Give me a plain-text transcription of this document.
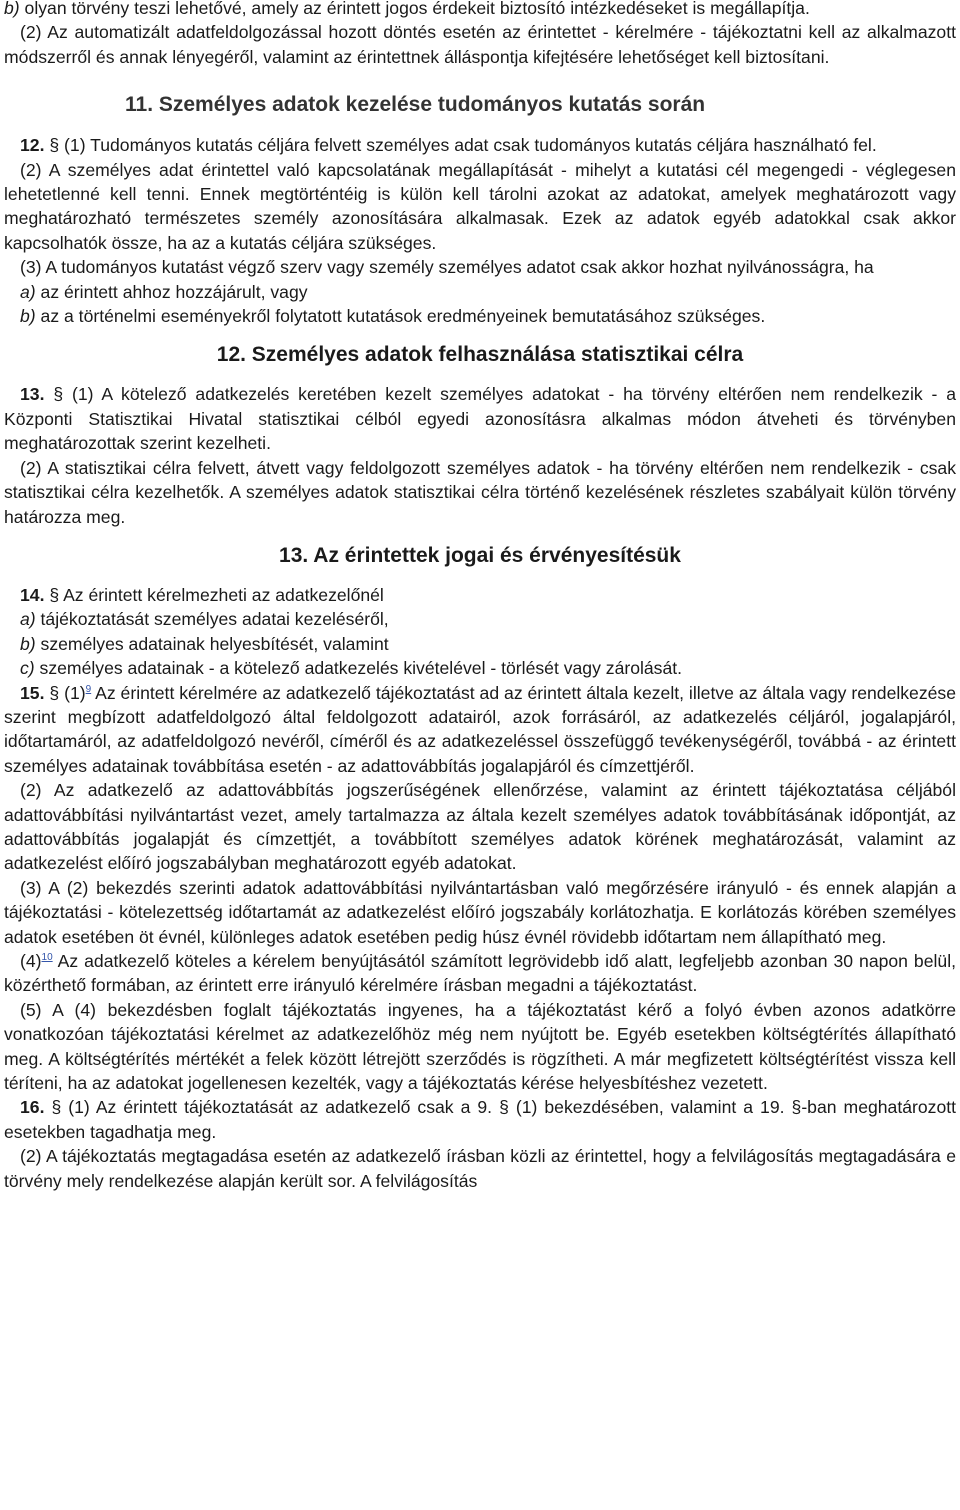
b) olyan törvény teszi lehetővé, amely az érintett jogos érdekeit biztosító intézkedéseket is megállapítja.

(2) Az automatizált adatfeldolgozással hozott döntés esetén az érintettet - kérelmére - tájékoztatni kell az alkalmazott módszerről és annak lényegéről, valamint az érintettnek álláspontja kifejtésére lehetőséget kell biztosítani.

11. Személyes adatok kezelése tudományos kutatás során

12. § (1) Tudományos kutatás céljára felvett személyes adat csak tudományos kutatás céljára használható fel.

(2) A személyes adat érintettel való kapcsolatának megállapítását - mihelyt a kutatási cél megengedi - véglegesen lehetetlenné kell tenni. Ennek megtörténtéig is külön kell tárolni azokat az adatokat, amelyek meghatározott vagy meghatározható természetes személy azonosítására alkalmasak. Ezek az adatok egyéb adatokkal csak akkor kapcsolhatók össze, ha az a kutatás céljára szükséges.

(3) A tudományos kutatást végző szerv vagy személy személyes adatot csak akkor hozhat nyilvánosságra, ha

a) az érintett ahhoz hozzájárult, vagy

b) az a történelmi eseményekről folytatott kutatások eredményeinek bemutatásához szükséges.

12. Személyes adatok felhasználása statisztikai célra

13. § (1) A kötelező adatkezelés keretében kezelt személyes adatokat - ha törvény eltérően nem rendelkezik - a Központi Statisztikai Hivatal statisztikai célból egyedi azonosításra alkalmas módon átveheti és törvényben meghatározottak szerint kezelheti.

(2) A statisztikai célra felvett, átvett vagy feldolgozott személyes adatok - ha törvény eltérően nem rendelkezik - csak statisztikai célra kezelhetők. A személyes adatok statisztikai célra történő kezelésének részletes szabályait külön törvény határozza meg.

13. Az érintettek jogai és érvényesítésük

14. § Az érintett kérelmezheti az adatkezelőnél

a) tájékoztatását személyes adatai kezeléséről,

b) személyes adatainak helyesbítését, valamint

c) személyes adatainak - a kötelező adatkezelés kivételével - törlését vagy zárolását.

15. § $(1)^9$ Az érintett kérelmére az adatkezelő tájékoztatást ad az érintett általa kezelt, illetve az általa vagy rendelkezése szerint megbízott adatfeldolgozó által feldolgozott adatairól, azok forrásáról, az adatkezelés céljáról, jogalapjáról, időtartamáról, az adatfeldolgozó nevéről, címéről és az adatkezeléssel összefüggő tevékenységéről, továbbá - az érintett személyes adatainak továbbítása esetén - az adattovábbítás jogalapjáról és címzettjéről.

(2) Az adatkezelő az adattovábbítás jogszerűségének ellenőrzése, valamint az érintett tájékoztatása céljából adattovábbítási nyilvántartást vezet, amely tartalmazza az általa kezelt személyes adatok továbbításának időpontját, az adattovábbítás jogalapját és címzettjét, a továbbított személyes adatok körének meghatározását, valamint az adatkezelést előíró jogszabályban meghatározott egyéb adatokat.

(3) A (2) bekezdés szerinti adatok adattovábbítási nyilvántartásban való megőrzésére irányuló - és ennek alapján a tájékoztatási - kötelezettség időtartamát az adatkezelést előíró jogszabály korlátozhatja. E korlátozás körében személyes adatok esetében öt évnél, különleges adatok esetében pedig húsz évnél rövidebb időtartam nem állapítható meg.

$(4)^{10}$ Az adatkezelő köteles a kérelem benyújtásától számított legrövidebb idő alatt, legfeljebb azonban 30 napon belül, közérthető formában, az érintett erre irányuló kérelmére írásban megadni a tájékoztatást.

(5) A (4) bekezdésben foglalt tájékoztatás ingyenes, ha a tájékoztatást kérő a folyó évben azonos adatkörre vonatkozóan tájékoztatási kérelmet az adatkezelőhöz még nem nyújtott be. Egyéb esetekben költségtérítés állapítható meg. A költségtérítés mértékét a felek között létrejött szerződés is rögzítheti. A már megfizetett költségtérítést vissza kell téríteni, ha az adatokat jogellenesen kezelték, vagy a tájékoztatás kérése helyesbítéshez vezetett.

16. § (1) Az érintett tájékoztatását az adatkezelő csak a 9. § (1) bekezdésében, valamint a 19. §-ban meghatározott esetekben tagadhatja meg.

(2) A tájékoztatás megtagadása esetén az adatkezelő írásban közli az érintettel, hogy a felvilágosítás megtagadására e törvény mely rendelkezése alapján került sor. A felvilágosítás
